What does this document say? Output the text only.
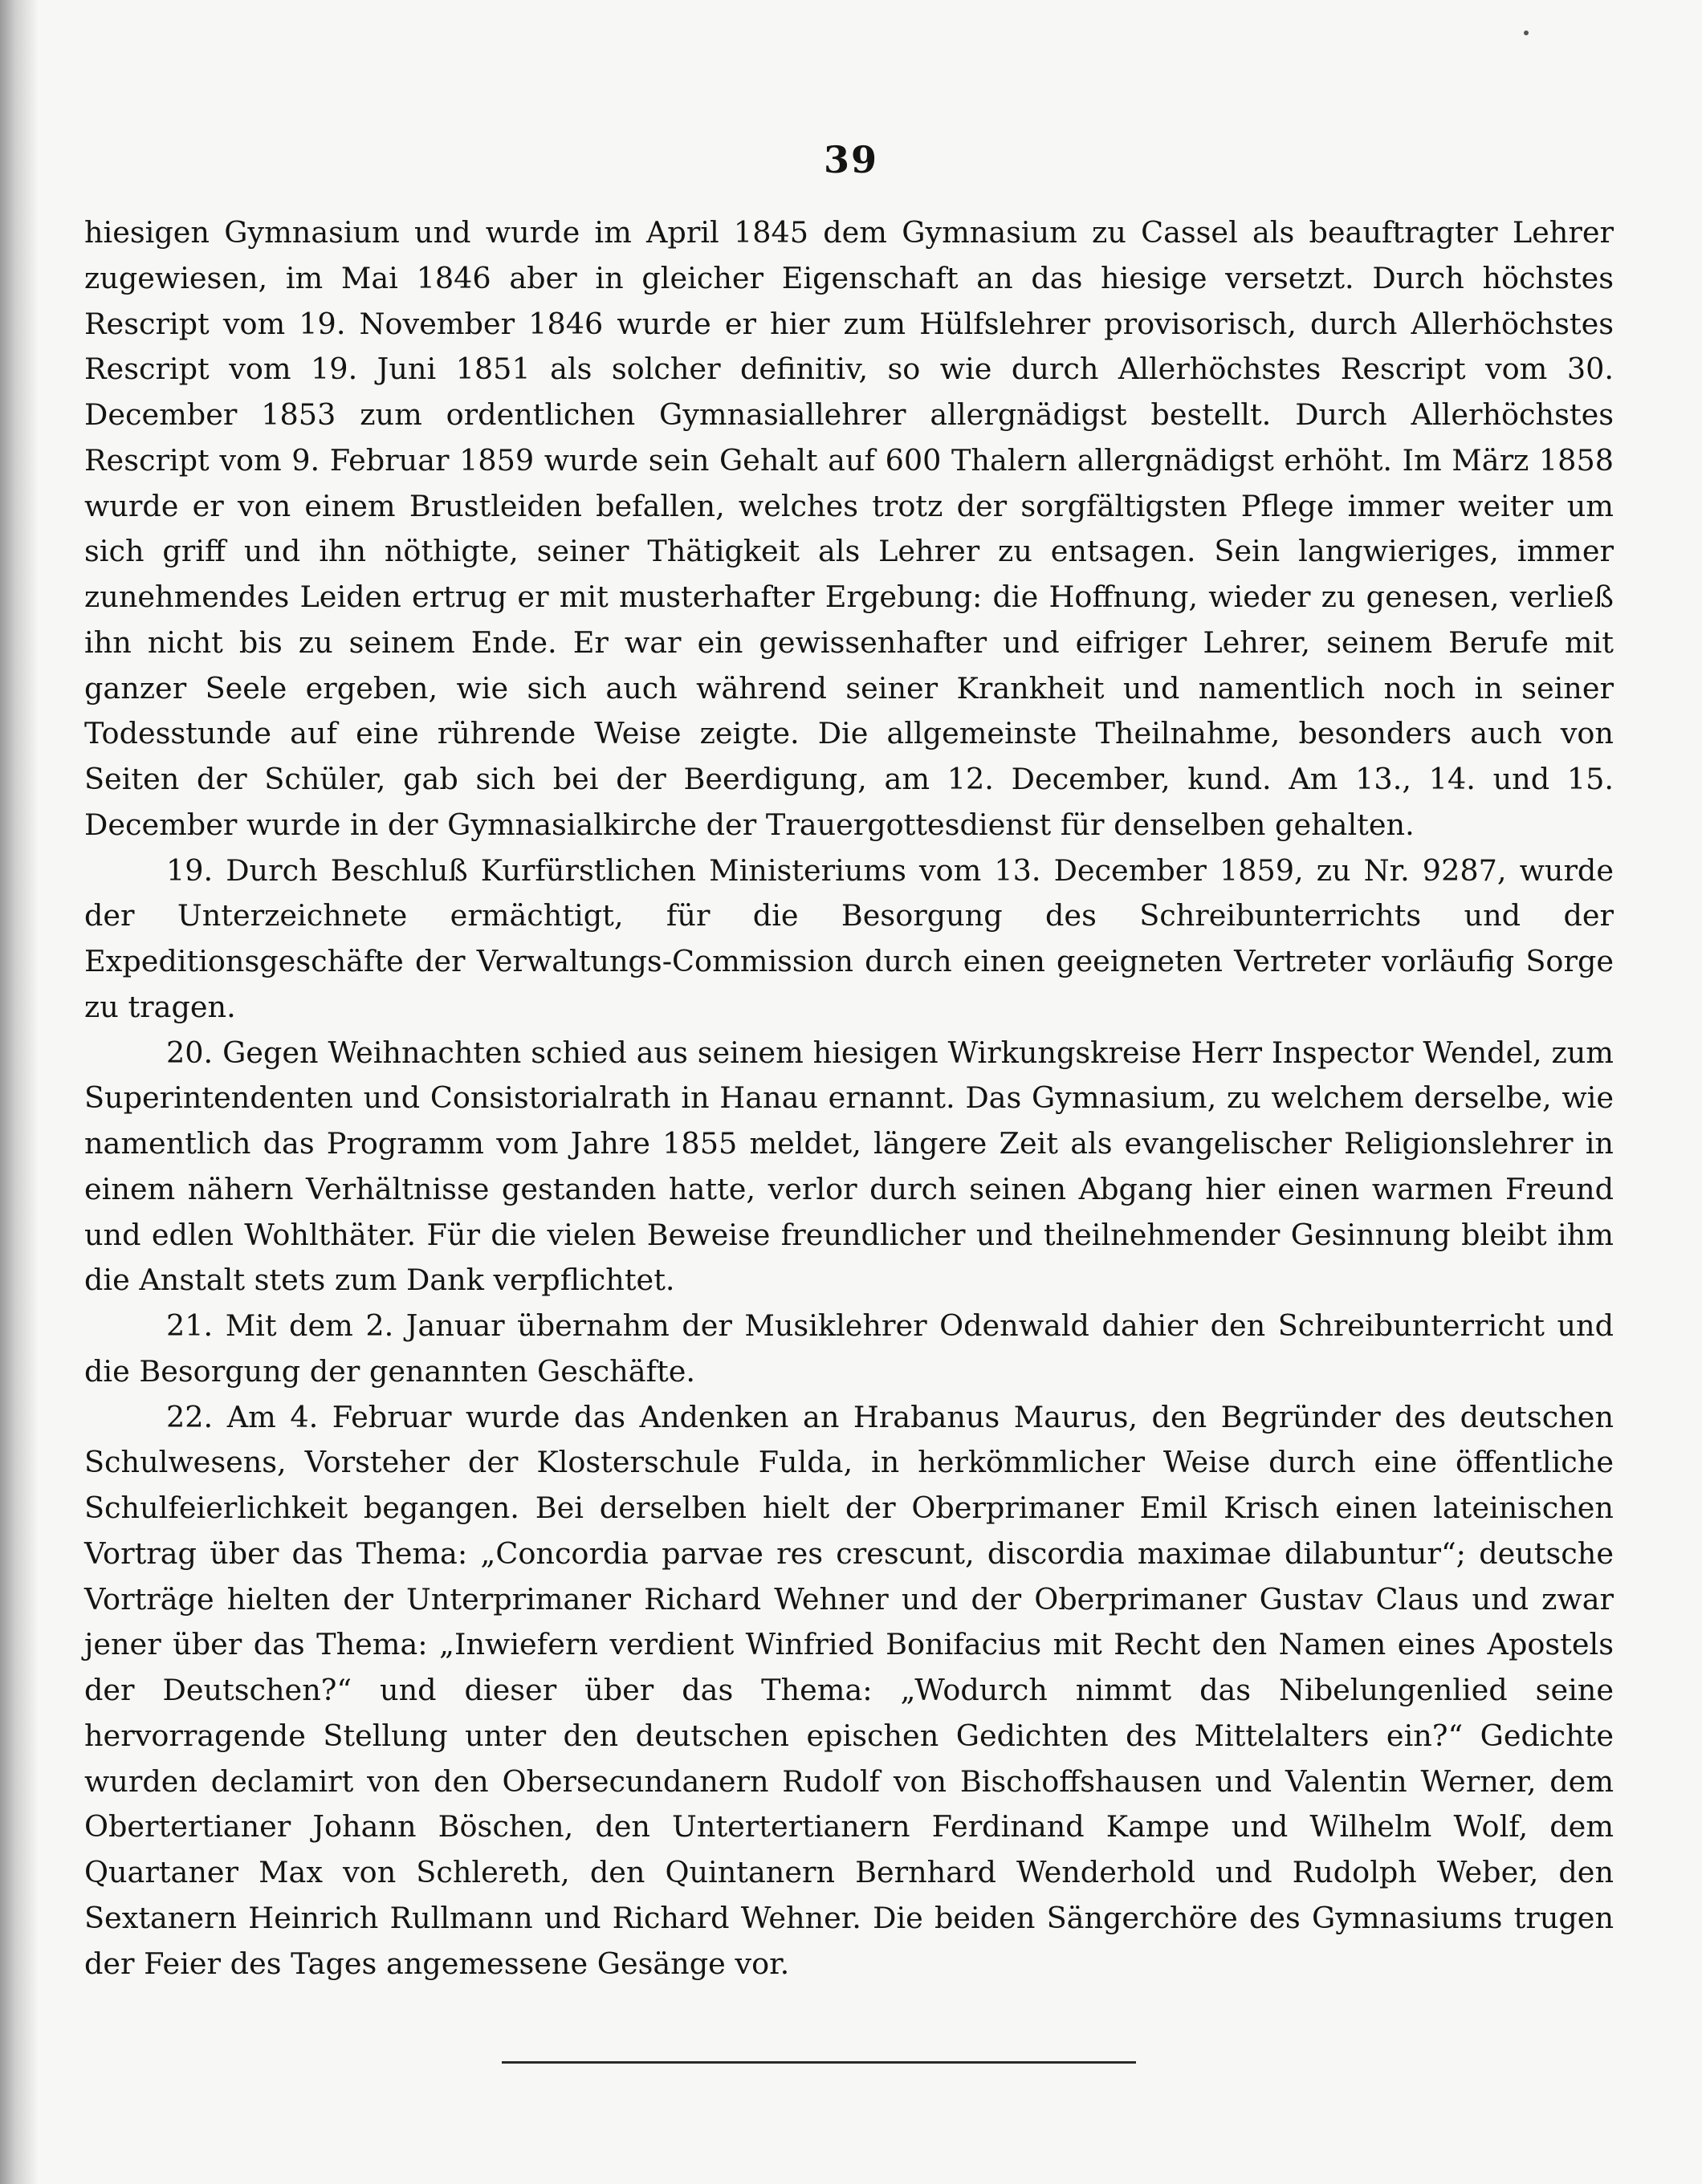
39

hiesigen Gymnasium und wurde im April 1845 dem Gymnasium zu Cassel als beauftragter Lehrer zugewiesen, im Mai 1846 aber in gleicher Eigenschaft an das hiesige versetzt. Durch höchstes Rescript vom 19. November 1846 wurde er hier zum Hülfslehrer provisorisch, durch Allerhöchstes Rescript vom 19. Juni 1851 als solcher definitiv, so wie durch Allerhöchstes Rescript vom 30. December 1853 zum ordentlichen Gymnasiallehrer allergnädigst bestellt. Durch Allerhöchstes Rescript vom 9. Februar 1859 wurde sein Gehalt auf 600 Thalern allergnädigst erhöht. Im März 1858 wurde er von einem Brustleiden befallen, welches trotz der sorgfältigsten Pflege immer weiter um sich griff und ihn nöthigte, seiner Thätigkeit als Lehrer zu entsagen. Sein langwieriges, immer zunehmendes Leiden ertrug er mit musterhafter Ergebung: die Hoffnung, wieder zu genesen, verließ ihn nicht bis zu seinem Ende. Er war ein gewissenhafter und eifriger Lehrer, seinem Berufe mit ganzer Seele ergeben, wie sich auch während seiner Krankheit und namentlich noch in seiner Todesstunde auf eine rührende Weise zeigte. Die allgemeinste Theilnahme, besonders auch von Seiten der Schüler, gab sich bei der Beerdigung, am 12. December, kund. Am 13., 14. und 15. December wurde in der Gymnasialkirche der Trauergottesdienst für denselben gehalten.

19. Durch Beschluß Kurfürstlichen Ministeriums vom 13. December 1859, zu Nr. 9287, wurde der Unterzeichnete ermächtigt, für die Besorgung des Schreibunterrichts und der Expeditionsgeschäfte der Verwaltungs-Commission durch einen geeigneten Vertreter vorläufig Sorge zu tragen.

20. Gegen Weihnachten schied aus seinem hiesigen Wirkungskreise Herr Inspector Wendel, zum Superintendenten und Consistorialrath in Hanau ernannt. Das Gymnasium, zu welchem derselbe, wie namentlich das Programm vom Jahre 1855 meldet, längere Zeit als evangelischer Religionslehrer in einem nähern Verhältnisse gestanden hatte, verlor durch seinen Abgang hier einen warmen Freund und edlen Wohlthäter. Für die vielen Beweise freundlicher und theilnehmender Gesinnung bleibt ihm die Anstalt stets zum Dank verpflichtet.

21. Mit dem 2. Januar übernahm der Musiklehrer Odenwald dahier den Schreibunterricht und die Besorgung der genannten Geschäfte.

22. Am 4. Februar wurde das Andenken an Hrabanus Maurus, den Begründer des deutschen Schulwesens, Vorsteher der Klosterschule Fulda, in herkömmlicher Weise durch eine öffentliche Schulfeierlichkeit begangen. Bei derselben hielt der Oberprimaner Emil Krisch einen lateinischen Vortrag über das Thema: „Concordia parvae res crescunt, discordia maximae dilabuntur“; deutsche Vorträge hielten der Unterprimaner Richard Wehner und der Oberprimaner Gustav Claus und zwar jener über das Thema: „Inwiefern verdient Winfried Bonifacius mit Recht den Namen eines Apostels der Deutschen?“ und dieser über das Thema: „Wodurch nimmt das Nibelungenlied seine hervorragende Stellung unter den deutschen epischen Gedichten des Mittelalters ein?“ Gedichte wurden declamirt von den Obersecundanern Rudolf von Bischoffshausen und Valentin Werner, dem Obertertianer Johann Böschen, den Untertertianern Ferdinand Kampe und Wilhelm Wolf, dem Quartaner Max von Schlereth, den Quintanern Bernhard Wenderhold und Rudolph Weber, den Sextanern Heinrich Rullmann und Richard Wehner. Die beiden Sängerchöre des Gymnasiums trugen der Feier des Tages angemessene Gesänge vor.
